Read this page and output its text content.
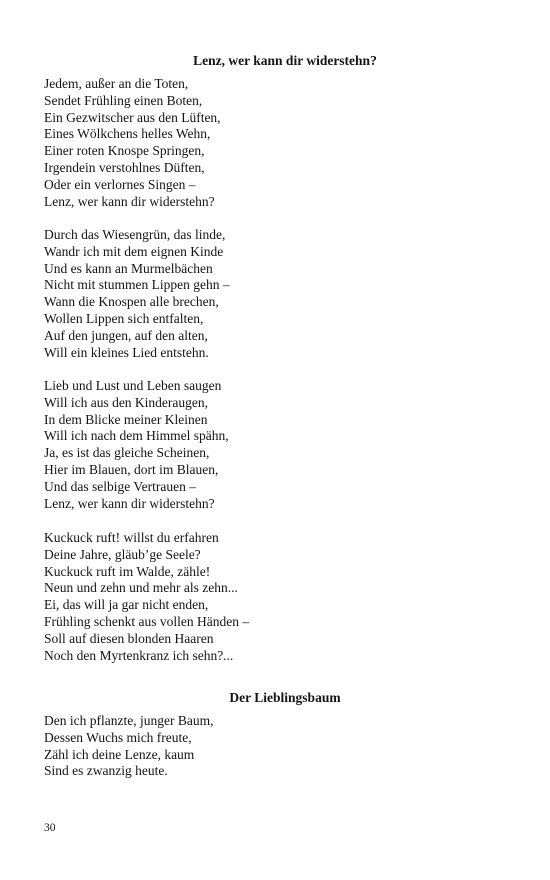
Lenz, wer kann dir widerstehn?
Jedem, außer an die Toten,
Sendet Frühling einen Boten,
Ein Gezwitscher aus den Lüften,
Eines Wölkchens helles Wehn,
Einer roten Knospe Springen,
Irgendein verstohlnes Düften,
Oder ein verlornes Singen –
Lenz, wer kann dir widerstehn?
Durch das Wiesengrün, das linde,
Wandr ich mit dem eignen Kinde
Und es kann an Murmelbächen
Nicht mit stummen Lippen gehn –
Wann die Knospen alle brechen,
Wollen Lippen sich entfalten,
Auf den jungen, auf den alten,
Will ein kleines Lied entstehn.
Lieb und Lust und Leben saugen
Will ich aus den Kinderaugen,
In dem Blicke meiner Kleinen
Will ich nach dem Himmel spähn,
Ja, es ist das gleiche Scheinen,
Hier im Blauen, dort im Blauen,
Und das selbige Vertrauen –
Lenz, wer kann dir widerstehn?
Kuckuck ruft! willst du erfahren
Deine Jahre, gläub’ge Seele?
Kuckuck ruft im Walde, zähle!
Neun und zehn und mehr als zehn...
Ei, das will ja gar nicht enden,
Frühling schenkt aus vollen Händen –
Soll auf diesen blonden Haaren
Noch den Myrtenkranz ich sehn?...
Der Lieblingsbaum
Den ich pflanzte, junger Baum,
Dessen Wuchs mich freute,
Zähl ich deine Lenze, kaum
Sind es zwanzig heute.
30
